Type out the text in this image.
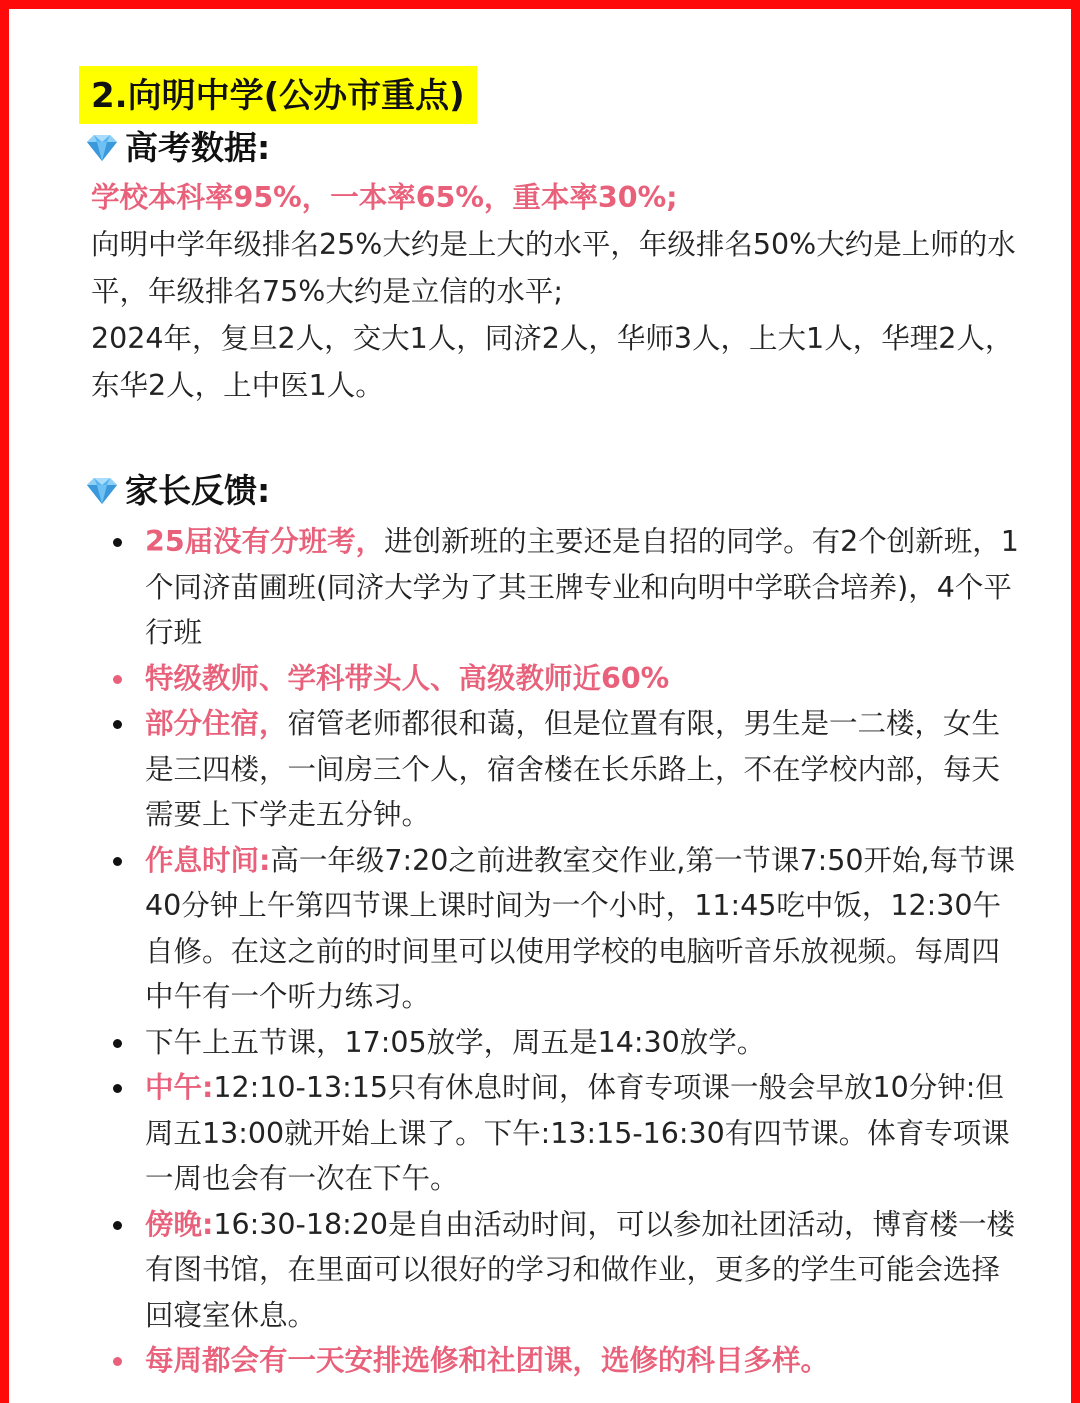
2.向明中学(公办市重点)
高考数据:
学校本科率95%，一本率65%，重本率30%;
向明中学年级排名25%大约是上大的水平，年级排名50%大约是上师的水平，年级排名75%大约是立信的水平;
2024年，复旦2人，交大1人，同济2人，华师3人，上大1人，华理2人，东华2人，上中医1人。
家长反馈:
25届没有分班考，进创新班的主要还是自招的同学。有2个创新班，1个同济苗圃班(同济大学为了其王牌专业和向明中学联合培养)，4个平行班
特级教师、学科带头人、高级教师近60%
部分住宿，宿管老师都很和蔼，但是位置有限，男生是一二楼，女生是三四楼，一间房三个人，宿舍楼在长乐路上，不在学校内部，每天需要上下学走五分钟。
作息时间:高一年级7:20之前进教室交作业,第一节课7:50开始,每节课40分钟上午第四节课上课时间为一个小时，11:45吃中饭，12:30午自修。在这之前的时间里可以使用学校的电脑听音乐放视频。每周四中午有一个听力练习。
下午上五节课，17:05放学，周五是14:30放学。
中午:12:10-13:15只有休息时间，体育专项课一般会早放10分钟:但周五13:00就开始上课了。下午:13:15-16:30有四节课。体育专项课一周也会有一次在下午。
傍晚:16:30-18:20是自由活动时间，可以参加社团活动，博育楼一楼有图书馆，在里面可以很好的学习和做作业，更多的学生可能会选择回寝室休息。
每周都会有一天安排选修和社团课，选修的科目多样。
